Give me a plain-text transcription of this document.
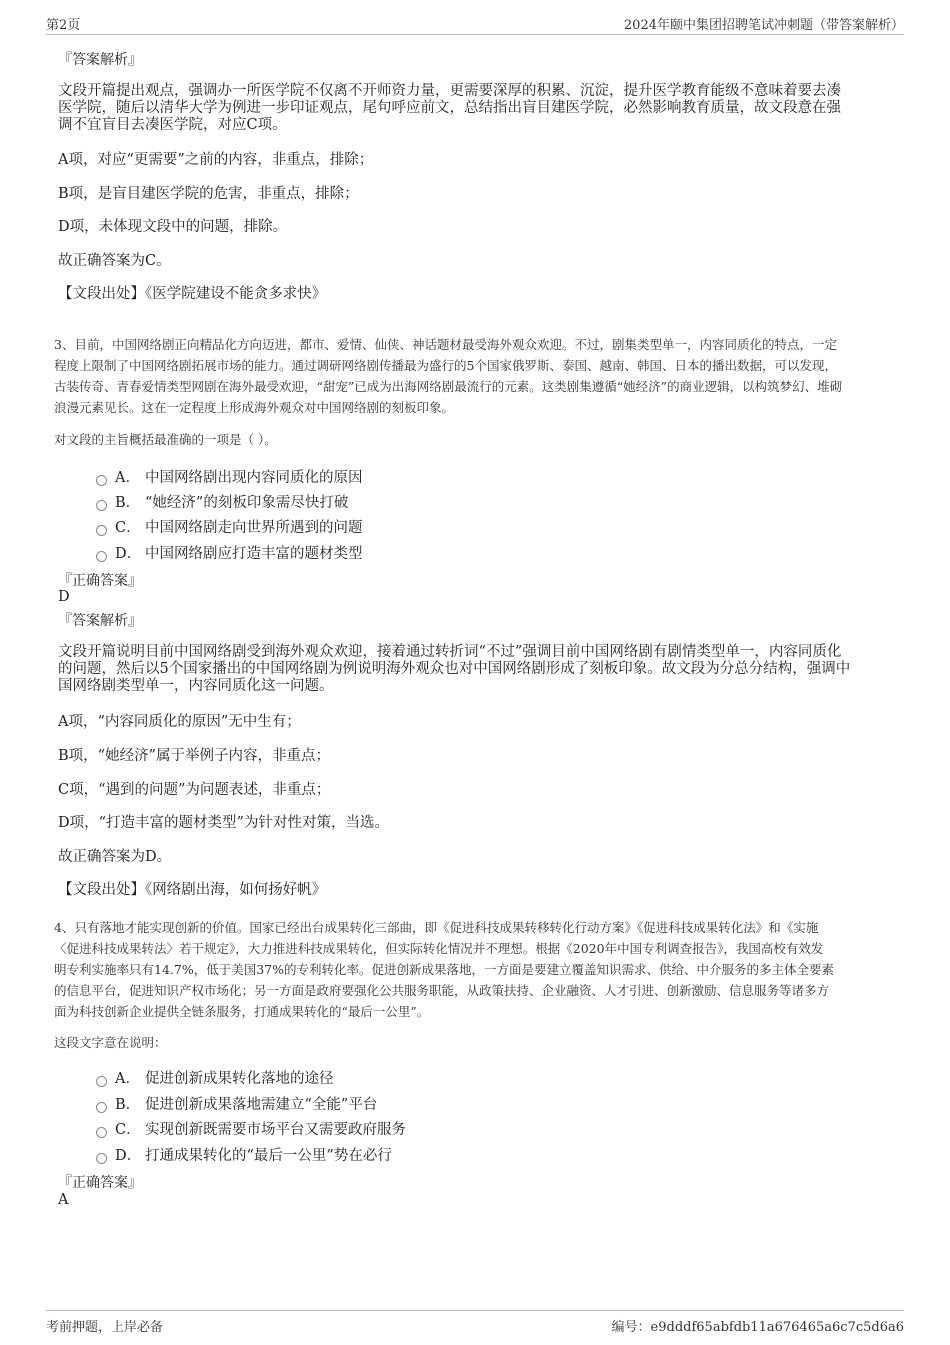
第2页	2024年颐中集团招聘笔试冲刺题（带答案解析）
『答案解析』
文段开篇提出观点，强调办一所医学院不仅离不开师资力量，更需要深厚的积累、沉淀，提升医学教育能级不意味着要去凑
医学院，随后以清华大学为例进一步印证观点，尾句呼应前文，总结指出盲目建医学院，必然影响教育质量，故文段意在强
调不宜盲目去凑医学院，对应C项。
A项，对应“更需要”之前的内容，非重点，排除；
B项，是盲目建医学院的危害，非重点，排除；
D项，未体现文段中的问题，排除。
故正确答案为C。
【文段出处】《医学院建设不能贪多求快》
3、目前，中国网络剧正向精品化方向迈进，都市、爱情、仙侠、神话题材最受海外观众欢迎。不过，剧集类型单一，内容同质化的特点，一定
程度上限制了中国网络剧拓展市场的能力。通过调研网络剧传播最为盛行的5个国家俄罗斯、泰国、越南、韩国、日本的播出数据，可以发现，
古装传奇、青春爱情类型网剧在海外最受欢迎，“甜宠”已成为出海网络剧最流行的元素。这类剧集遵循“她经济”的商业逻辑，以构筑梦幻、堆砌
浪漫元素见长。这在一定程度上形成海外观众对中国网络剧的刻板印象。
对文段的主旨概括最准确的一项是（ ）。
A． 中国网络剧出现内容同质化的原因
B． “她经济”的刻板印象需尽快打破
C． 中国网络剧走向世界所遇到的问题
D． 中国网络剧应打造丰富的题材类型
『正确答案』
D
『答案解析』
文段开篇说明目前中国网络剧受到海外观众欢迎，接着通过转折词“不过”强调目前中国网络剧有剧情类型单一，内容同质化
的问题，然后以5个国家播出的中国网络剧为例说明海外观众也对中国网络剧形成了刻板印象。故文段为分总分结构，强调中
国网络剧类型单一，内容同质化这一问题。
A项，“内容同质化的原因”无中生有；
B项，“她经济”属于举例子内容，非重点；
C项，“遇到的问题”为问题表述，非重点；
D项，“打造丰富的题材类型”为针对性对策，当选。
故正确答案为D。
【文段出处】《网络剧出海，如何扬好帆》
4、只有落地才能实现创新的价值。国家已经出台成果转化三部曲，即《促进科技成果转移转化行动方案》《促进科技成果转化法》和《实施
〈促进科技成果转法〉若干规定》，大力推进科技成果转化，但实际转化情况并不理想。根据《2020年中国专利调查报告》，我国高校有效发
明专利实施率只有14.7%，低于美国37%的专利转化率。促进创新成果落地，一方面是要建立覆盖知识需求、供给、中介服务的多主体全要素
的信息平台，促进知识产权市场化；另一方面是政府要强化公共服务职能，从政策扶持、企业融资、人才引进、创新激励、信息服务等诸多方
面为科技创新企业提供全链条服务，打通成果转化的“最后一公里”。
这段文字意在说明：
A． 促进创新成果转化落地的途径
B． 促进创新成果落地需建立“全能”平台
C． 实现创新既需要市场平台又需要政府服务
D． 打通成果转化的“最后一公里”势在必行
『正确答案』
A
考前押题，上岸必备	编号：e9dddf65abfdb11a676465a6c7c5d6a6
